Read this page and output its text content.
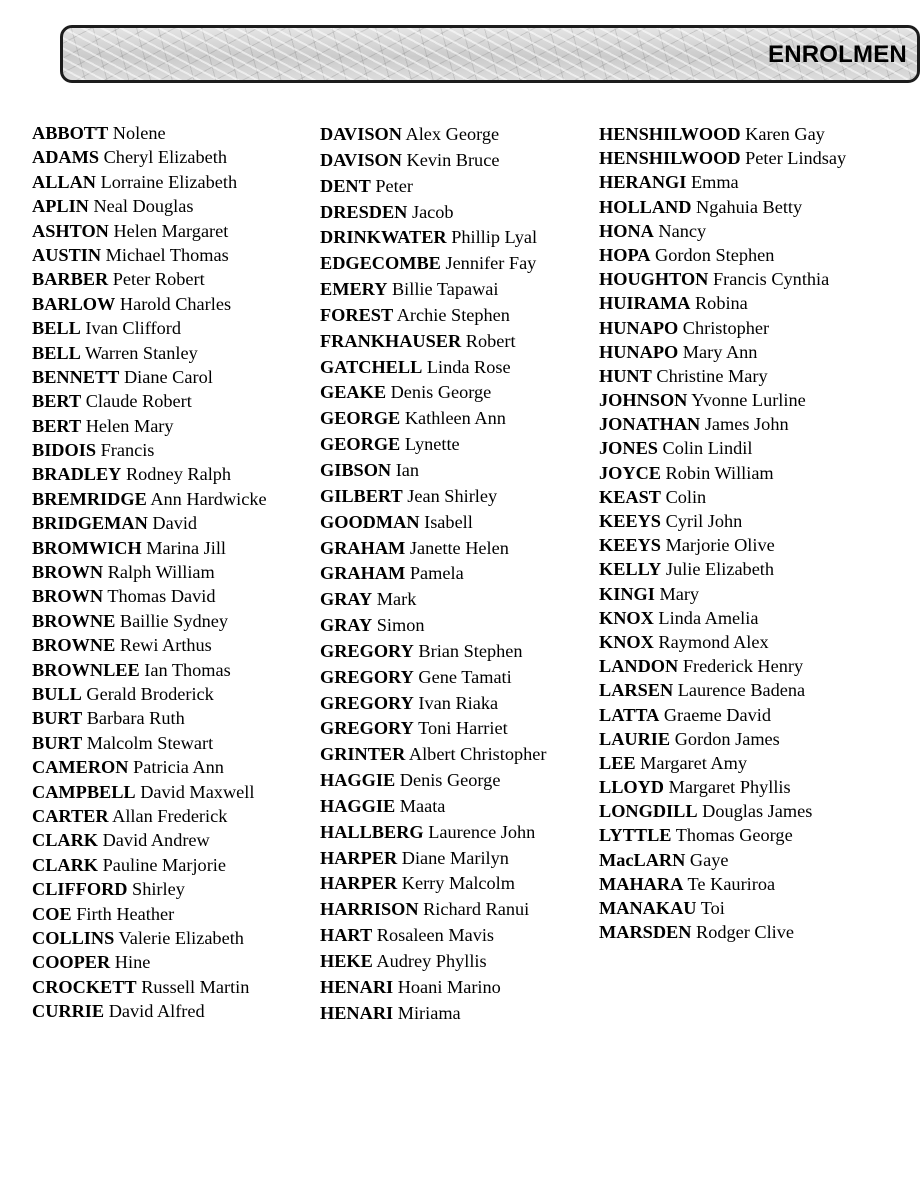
ENROLMEN
ABBOTT Nolene
ADAMS Cheryl Elizabeth
ALLAN Lorraine Elizabeth
APLIN Neal Douglas
ASHTON Helen Margaret
AUSTIN Michael Thomas
BARBER Peter Robert
BARLOW Harold Charles
BELL Ivan Clifford
BELL Warren Stanley
BENNETT Diane Carol
BERT Claude Robert
BERT Helen Mary
BIDOIS Francis
BRADLEY Rodney Ralph
BREMRIDGE Ann Hardwicke
BRIDGEMAN David
BROMWICH Marina Jill
BROWN Ralph William
BROWN Thomas David
BROWNE Baillie Sydney
BROWNE Rewi Arthus
BROWNLEE Ian Thomas
BULL Gerald Broderick
BURT Barbara Ruth
BURT Malcolm Stewart
CAMERON Patricia Ann
CAMPBELL David Maxwell
CARTER Allan Frederick
CLARK David Andrew
CLARK Pauline Marjorie
CLIFFORD Shirley
COE Firth Heather
COLLINS Valerie Elizabeth
COOPER Hine
CROCKETT Russell Martin
CURRIE David Alfred
DAVISON Alex George
DAVISON Kevin Bruce
DENT Peter
DRESDEN Jacob
DRINKWATER Phillip Lyal
EDGECOMBE Jennifer Fay
EMERY Billie Tapawai
FOREST Archie Stephen
FRANKHAUSER Robert
GATCHELL Linda Rose
GEAKE Denis George
GEORGE Kathleen Ann
GEORGE Lynette
GIBSON Ian
GILBERT Jean Shirley
GOODMAN Isabell
GRAHAM Janette Helen
GRAHAM Pamela
GRAY Mark
GRAY Simon
GREGORY Brian Stephen
GREGORY Gene Tamati
GREGORY Ivan Riaka
GREGORY Toni Harriet
GRINTER Albert Christopher
HAGGIE Denis George
HAGGIE Maata
HALLBERG Laurence John
HARPER Diane Marilyn
HARPER Kerry Malcolm
HARRISON Richard Ranui
HART Rosaleen Mavis
HEKE Audrey Phyllis
HENARI Hoani Marino
HENARI Miriama
HENSHILWOOD Karen Gay
HENSHILWOOD Peter Lindsay
HERANGI Emma
HOLLAND Ngahuia Betty
HONA Nancy
HOPA Gordon Stephen
HOUGHTON Francis Cynthia
HUIRAMA Robina
HUNAPO Christopher
HUNAPO Mary Ann
HUNT Christine Mary
JOHNSON Yvonne Lurline
JONATHAN James John
JONES Colin Lindil
JOYCE Robin William
KEAST Colin
KEEYS Cyril John
KEEYS Marjorie Olive
KELLY Julie Elizabeth
KINGI Mary
KNOX Linda Amelia
KNOX Raymond Alex
LANDON Frederick Henry
LARSEN Laurence Badena
LATTA Graeme David
LAURIE Gordon James
LEE Margaret Amy
LLOYD Margaret Phyllis
LONGDILL Douglas James
LYTTLE Thomas George
MacLARN Gaye
MAHARA Te Kauriroa
MANAKAU Toi
MARSDEN Rodger Clive
